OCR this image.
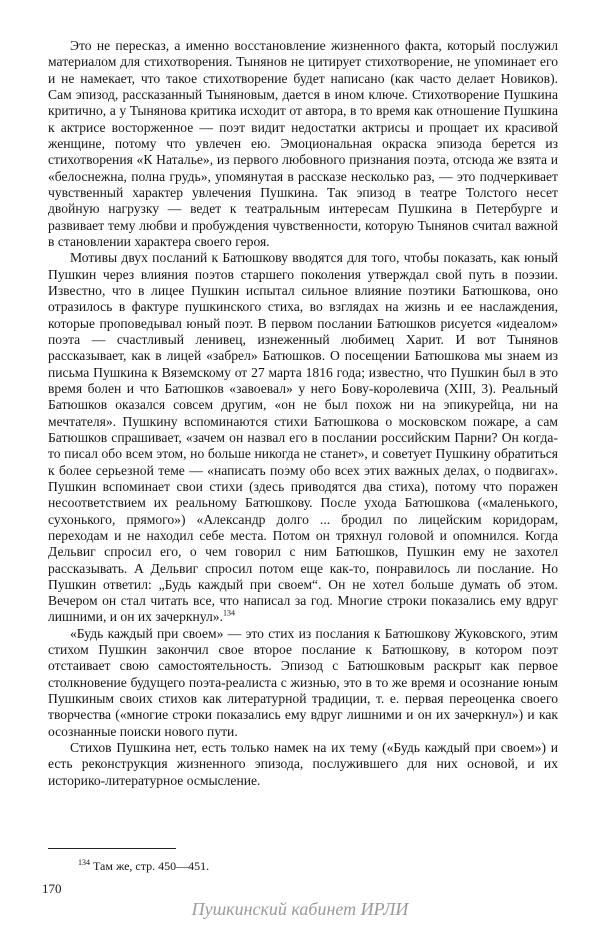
Это не пересказ, а именно восстановление жизненного факта, который послужил материалом для стихотворения. Тынянов не цитирует стихотворение, не упоминает его и не намекает, что такое стихотворение будет написано (как часто делает Новиков). Сам эпизод, рассказанный Тыняновым, дается в ином ключе. Стихотворение Пушкина критично, а у Тынянова критика исходит от автора, в то время как отношение Пушкина к актрисе восторженное — поэт видит недостатки актрисы и прощает их красивой женщине, потому что увлечен ею. Эмоциональная окраска эпизода берется из стихотворения «К Наталье», из первого любовного признания поэта, отсюда же взята и «белоснежна, полна грудь», упомянутая в рассказе несколько раз, — это подчеркивает чувственный характер увлечения Пушкина. Так эпизод в театре Толстого несет двойную нагрузку — ведет к театральным интересам Пушкина в Петербурге и развивает тему любви и пробуждения чувственности, которую Тынянов считал важной в становлении характера своего героя.

Мотивы двух посланий к Батюшкову вводятся для того, чтобы показать, как юный Пушкин через влияния поэтов старшего поколения утверждал свой путь в поэзии. Известно, что в лицее Пушкин испытал сильное влияние поэтики Батюшкова, оно отразилось в фактуре пушкинского стиха, во взглядах на жизнь и ее наслаждения, которые проповедывал юный поэт. В первом послании Батюшков рисуется «идеалом» поэта — счастливый ленивец, изнеженный любимец Харит. И вот Тынянов рассказывает, как в лицей «забрел» Батюшков. О посещении Батюшкова мы знаем из письма Пушкина к Вяземскому от 27 марта 1816 года; известно, что Пушкин был в это время болен и что Батюшков «завоевал» у него Бову-королевича (XIII, 3). Реальный Батюшков оказался совсем другим, «он не был похож ни на эпикурейца, ни на мечтателя». Пушкину вспоминаются стихи Батюшкова о московском пожаре, а сам Батюшков спрашивает, «зачем он назвал его в послании российским Парни? Он когда-то писал обо всем этом, но больше никогда не станет», и советует Пушкину обратиться к более серьезной теме — «написать поэму обо всех этих важных делах, о подвигах». Пушкин вспоминает свои стихи (здесь приводятся два стиха), потому что поражен несоответствием их реальному Батюшкову. После ухода Батюшкова («маленького, сухонького, прямого») «Александр долго ... бродил по лицейским коридорам, переходам и не находил себе места. Потом он тряхнул головой и опомнился. Когда Дельвиг спросил его, о чем говорил с ним Батюшков, Пушкин ему не захотел рассказывать. А Дельвиг спросил потом еще как-то, понравилось ли послание. Но Пушкин ответил: „Будь каждый при своем“. Он не хотел больше думать об этом. Вечером он стал читать все, что написал за год. Многие строки показались ему вдруг лишними, и он их зачеркнул».$^{134}$

«Будь каждый при своем» — это стих из послания к Батюшкову Жуковского, этим стихом Пушкин закончил свое второе послание к Батюшкову, в котором поэт отстаивает свою самостоятельность. Эпизод с Батюшковым раскрыт как первое столкновение будущего поэта-реалиста с жизнью, это в то же время и осознание юным Пушкиным своих стихов как литературной традиции, т. е. первая переоценка своего творчества («многие строки показались ему вдруг лишними и он их зачеркнул») и как осознанные поиски нового пути.

Стихов Пушкина нет, есть только намек на их тему («Будь каждый при своем») и есть реконструкция жизненного эпизода, послужившего для них основой, и их историко-литературное осмысление.

$^{134}$ Там же, стр. 450—451.
170
Пушкинский кабинет ИРЛИ
